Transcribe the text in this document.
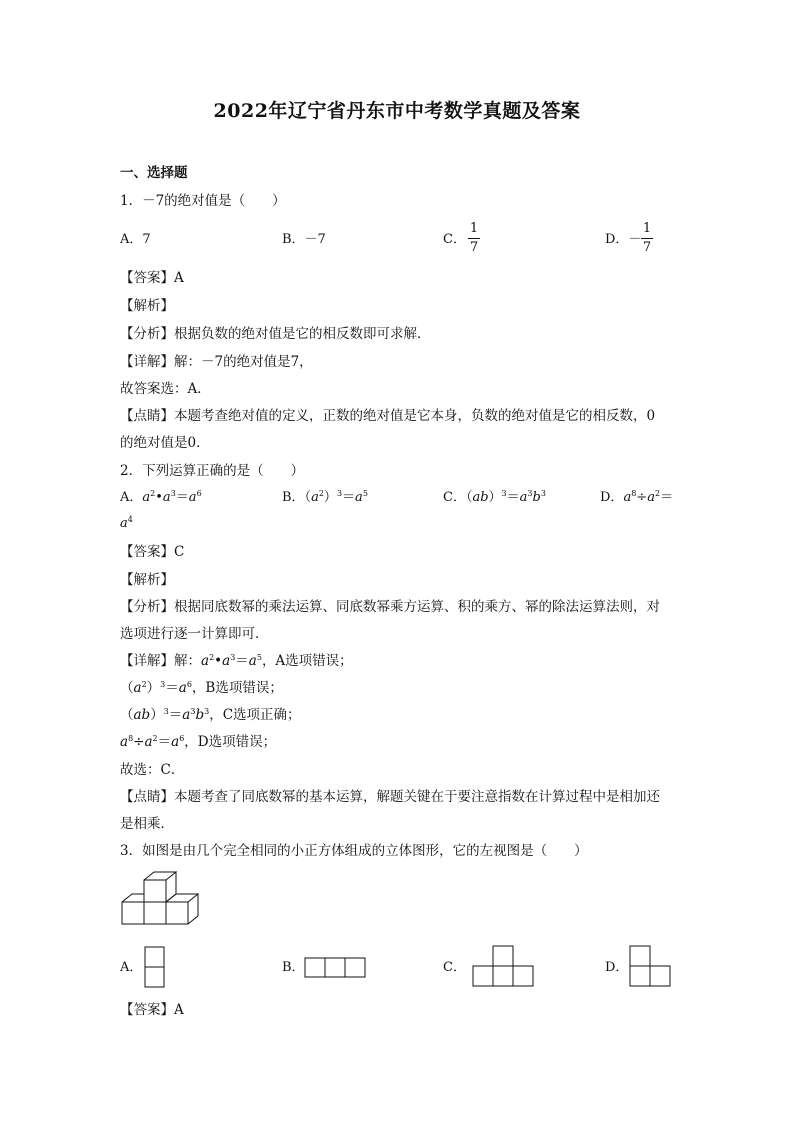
2022年辽宁省丹东市中考数学真题及答案
一、选择题
1．－7的绝对值是（　　）
A．7	B．－7	C．
1
7
D．－
1
7
【答案】A
【解析】
【分析】根据负数的绝对值是它的相反数即可求解．
【详解】解：－7的绝对值是7，
故答案选：A．
【点睛】本题考查绝对值的定义，正数的绝对值是它本身，负数的绝对值是它的相反数，0
的绝对值是0．
2．下列运算正确的是（　　）
A．$a^2•a^3=a^6$	B．$(a^2)^3=a^5$	C．$(ab)^3=a^3b^3$	D．$a^8\div a^2=$
$a^4$
【答案】C
【解析】
【分析】根据同底数幂的乘法运算、同底数幂乘方运算、积的乘方、幂的除法运算法则，对
选项进行逐一计算即可．
【详解】解：$a^2•a^3=a^5$，A选项错误；
$(a^2)^3=a^6$，B选项错误；
$(ab)^3=a^3b^3$，C选项正确；
$a^8\div a^2=a^6$，D选项错误；
故选：C．
【点睛】本题考查了同底数幂的基本运算，解题关键在于要注意指数在计算过程中是相加还
是相乘．
3．如图是由几个完全相同的小正方体组成的立体图形，它的左视图是（　　）
A．	B．	C．	D．
【答案】A
